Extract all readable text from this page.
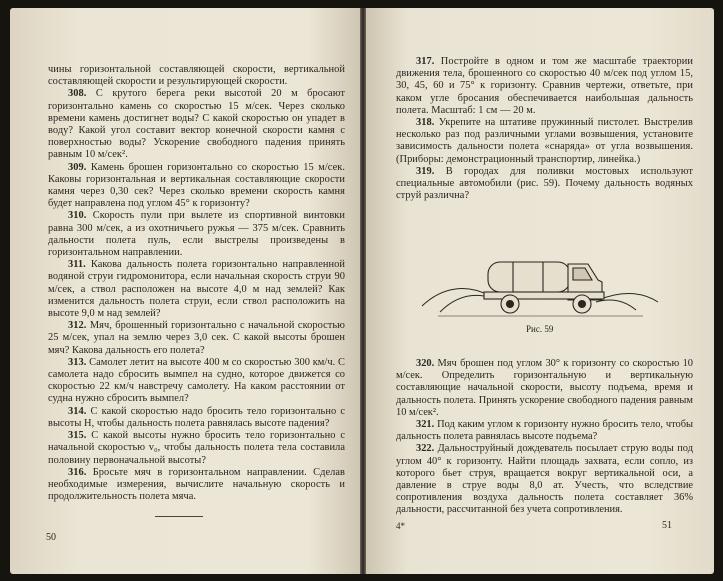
чины горизонтальной составляющей скорости, вертикальной составляющей скорости и результирующей скорости.

308. С крутого берега реки высотой 20 м бросают горизонтально камень со скоростью 15 м/сек. Через сколько времени камень достигнет воды? С какой скоростью он упадет в воду? Какой угол составит вектор конечной скорости камня с поверхностью воды? Ускорение свободного падения принять равным 10 м/сек².

309. Камень брошен горизонтально со скоростью 15 м/сек. Каковы горизонтальная и вертикальная составляющие скорости камня через 0,30 сек? Через сколько времени скорость камня будет направлена под углом 45° к горизонту?

310. Скорость пули при вылете из спортивной винтовки равна 300 м/сек, а из охотничьего ружья — 375 м/сек. Сравнить дальности полета пуль, если выстрелы произведены в горизонтальном направлении.

311. Какова дальность полета горизонтально направленной водяной струи гидромонитора, если начальная скорость струи 90 м/сек, а ствол расположен на высоте 4,0 м над землей? Как изменится дальность полета струи, если ствол расположить на высоте 9,0 м над землей?

312. Мяч, брошенный горизонтально с начальной скоростью 25 м/сек, упал на землю через 3,0 сек. С какой высоты брошен мяч? Какова дальность его полета?

313. Самолет летит на высоте 400 м со скоростью 300 км/ч. С самолета надо сбросить вымпел на судно, которое движется со скоростью 22 км/ч навстречу самолету. На каком расстоянии от судна нужно сбросить вымпел?

314. С какой скоростью надо бросить тело горизонтально с высоты H, чтобы дальность полета равнялась высоте падения?

315. С какой высоты нужно бросить тело горизонтально с начальной скоростью v₀, чтобы дальность полета тела составила половину первоначальной высоты?

316. Бросьте мяч в горизонтальном направлении. Сделав необходимые измерения, вычислите начальную скорость и продолжительность полета мяча.

50

317. Постройте в одном и том же масштабе траектории движения тела, брошенного со скоростью 40 м/сек под углом 15, 30, 45, 60 и 75° к горизонту. Сравнив чертежи, ответьте, при каком угле бросания обеспечивается наибольшая дальность полета. Масштаб: 1 см — 20 м.

318. Укрепите на штативе пружинный пистолет. Выстрелив несколько раз под различными углами возвышения, установите зависимость дальности полета «снаряда» от угла возвышения. (Приборы: демонстрационный транспортир, линейка.)

319. В городах для поливки мостовых используют специальные автомобили (рис. 59). Почему дальность водяных струй различна?

Рис. 59

320. Мяч брошен под углом 30° к горизонту со скоростью 10 м/сек. Определить горизонтальную и вертикальную составляющие начальной скорости, высоту подъема, время и дальность полета. Принять ускорение свободного падения равным 10 м/сек².

321. Под каким углом к горизонту нужно бросить тело, чтобы дальность полета равнялась высоте подъема?

322. Дальноструйный дождеватель посылает струю воды под углом 40° к горизонту. Найти площадь захвата, если сопло, из которого бьет струя, вращается вокруг вертикальной оси, а давление в струе воды 8,0 ат. Учесть, что вследствие сопротивления воздуха дальность полета составляет 36% дальности, рассчитанной без учета сопротивления.

4*	51
